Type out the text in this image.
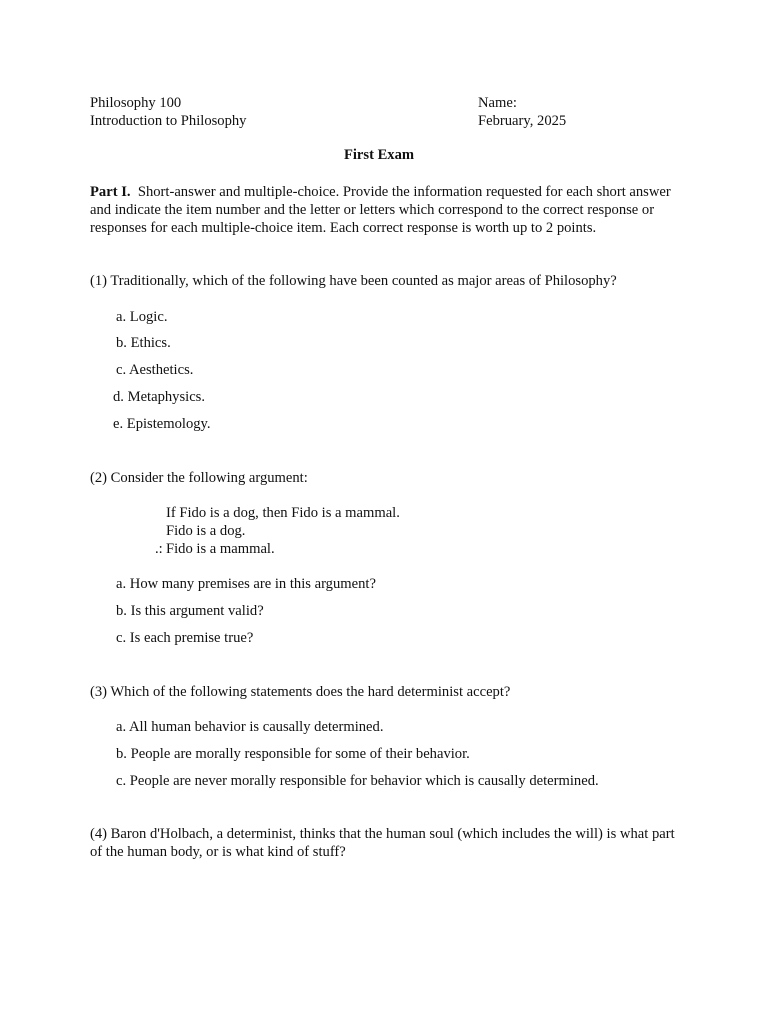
Philosophy 100
Introduction to Philosophy
Name:
February, 2025
First Exam
Part I. Short-answer and multiple-choice. Provide the information requested for each short answer and indicate the item number and the letter or letters which correspond to the correct response or responses for each multiple-choice item. Each correct response is worth up to 2 points.
(1) Traditionally, which of the following have been counted as major areas of Philosophy?
a. Logic.
b. Ethics.
c. Aesthetics.
d. Metaphysics.
e. Epistemology.
(2) Consider the following argument:
If Fido is a dog, then Fido is a mammal.
Fido is a dog.
.: Fido is a mammal.
a. How many premises are in this argument?
b. Is this argument valid?
c. Is each premise true?
(3) Which of the following statements does the hard determinist accept?
a. All human behavior is causally determined.
b. People are morally responsible for some of their behavior.
c. People are never morally responsible for behavior which is causally determined.
(4) Baron d'Holbach, a determinist, thinks that the human soul (which includes the will) is what part of the human body, or is what kind of stuff?
